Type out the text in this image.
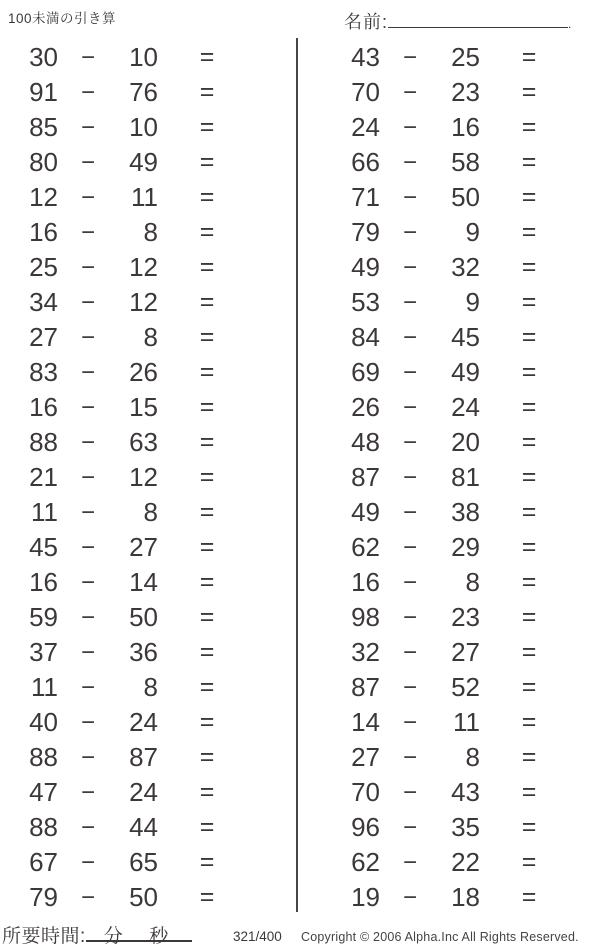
100未満の引き算	名前:	.
30 −	10	=
91 −	76	=
85 −	10	=
80 −	49	=
12 −	11	=
16 −	8	=
25 −	12	=
34 −	12	=
27 −	8	=
83 −	26	=
16 −	15	=
88 −	63	=
21 −	12	=
11 −	8	=
45 −	27	=
16 −	14	=
59 −	50	=
37 −	36	=
11 −	8	=
40 −	24	=
88 −	87	=
47 −	24	=
88 −	44	=
67 −	65	=
79 −	50	=
43 −	25	=
70 −	23	=
24 −	16	=
66 −	58	=
71 −	50	=
79 −	9	=
49 −	32	=
53 −	9	=
84 −	45	=
69 −	49	=
26 −	24	=
48 −	20	=
87 −	81	=
49 −	38	=
62 −	29	=
16 −	8	=
98 −	23	=
32 −	27	=
87 −	52	=
14 −	11	=
27 −	8	=
70 −	43	=
96 −	35	=
62 −	22	=
19 −	18	=
所要時間: 分 秒	321/400 Copyright © 2006 Alpha.Inc All Rights Reserved.
